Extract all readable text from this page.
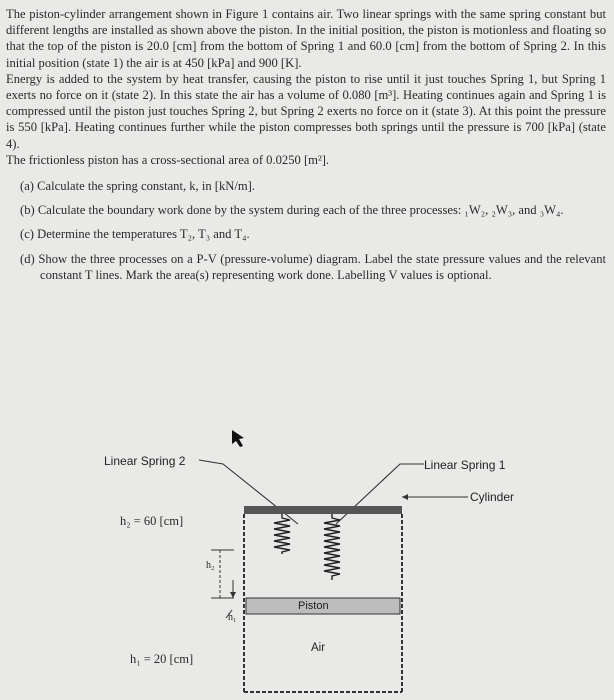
The piston-cylinder arrangement shown in Figure 1 contains air. Two linear springs with the same spring constant but different lengths are installed as shown above the piston. In the initial position, the piston is motionless and floating so that the top of the piston is 20.0 [cm] from the bottom of Spring 1 and 60.0 [cm] from the bottom of Spring 2. In this initial position (state 1) the air is at 450 [kPa] and 900 [K].

Energy is added to the system by heat transfer, causing the piston to rise until it just touches Spring 1, but Spring 1 exerts no force on it (state 2). In this state the air has a volume of 0.080 [m³]. Heating continues again and Spring 1 is compressed until the piston just touches Spring 2, but Spring 2 exerts no force on it (state 3). At this point the pressure is 550 [kPa]. Heating continues further while the piston compresses both springs until the pressure is 700 [kPa] (state 4).

The frictionless piston has a cross-sectional area of 0.0250 [m²].

(a) Calculate the spring constant, k, in [kN/m].
(b) Calculate the boundary work done by the system during each of the three processes: ₁W₂, ₂W₃, and ₃W₄.
(c) Determine the temperatures T₂, T₃ and T₄.
(d) Show the three processes on a P-V (pressure-volume) diagram. Label the state pressure values and the relevant constant T lines. Mark the area(s) representing work done. Labelling V values is optional.
Linear Spring 2	Linear Spring 1
Cylinder
h₂ = 60 [cm]
h₂
h₁
h₁ = 20 [cm]
Piston
Air
